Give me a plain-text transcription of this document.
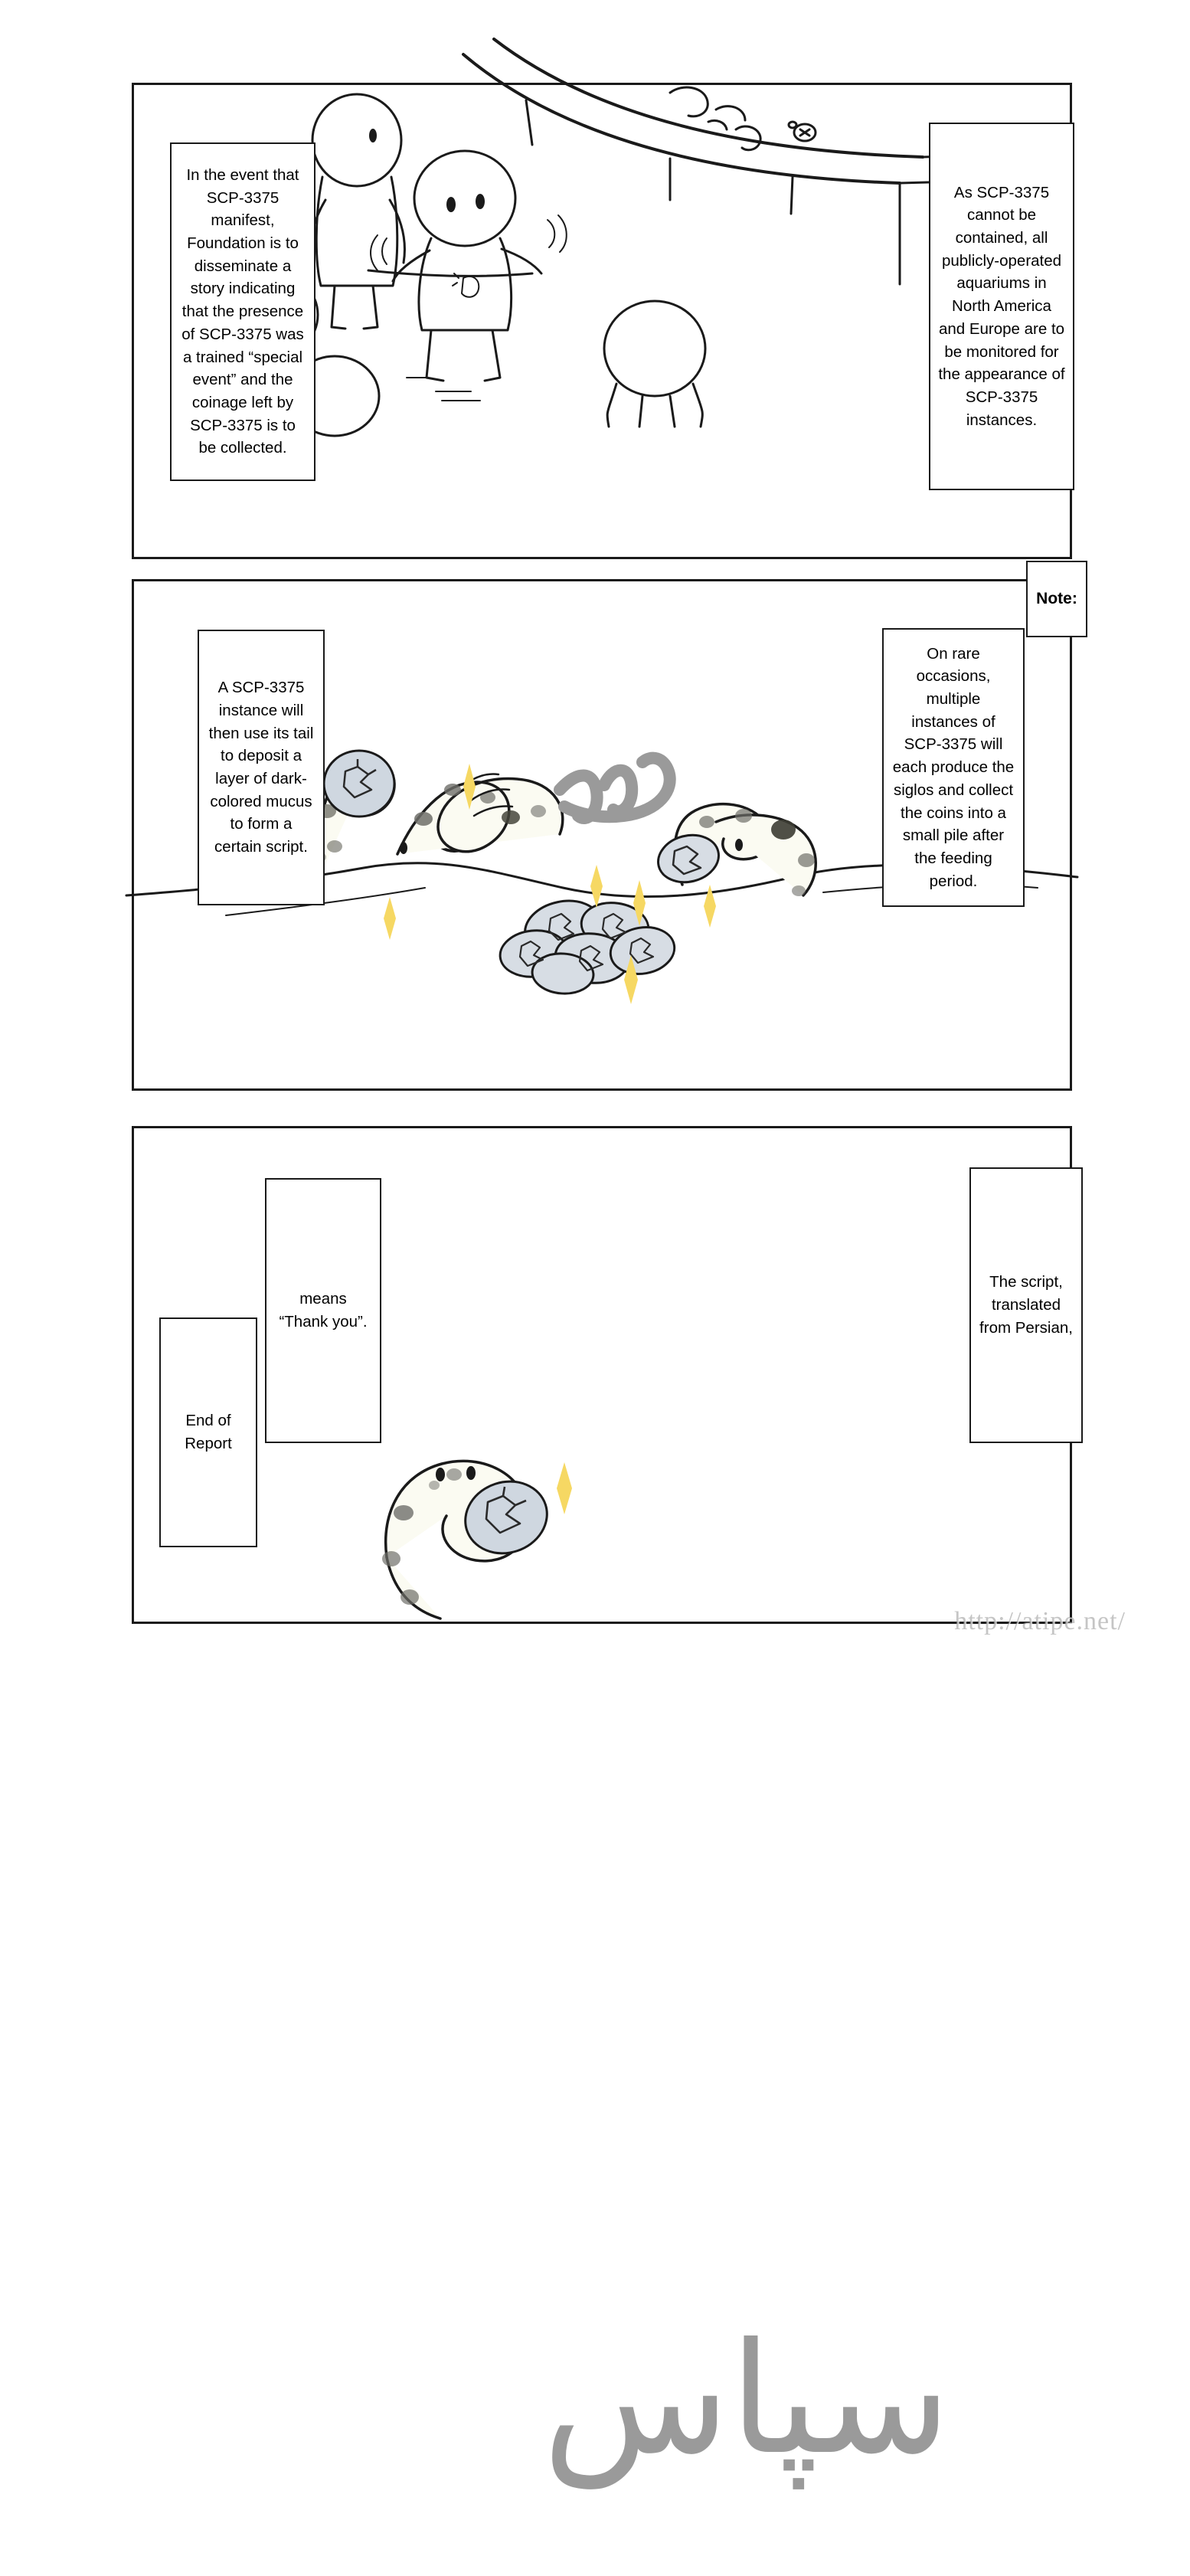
In the event that SCP-3375 manifest, Foundation is to disseminate a story indicating that the presence of SCP-3375 was a trained “special event” and the coinage left by SCP-3375 is to be collected.
As SCP-3375 cannot be contained, all publicly-operated aquariums in North America and Europe are to be monitored for the appearance of SCP-3375 instances.
A SCP-3375 instance will then use its tail to deposit a layer of dark-colored mucus to form a certain script.
On rare occasions, multiple instances of SCP-3375 will each produce the siglos and collect the coins into a small pile after the feeding period.
Note:
سپاس
End of Report
means “Thank you”.
The script, translated from Persian,
http://atipe.net/
